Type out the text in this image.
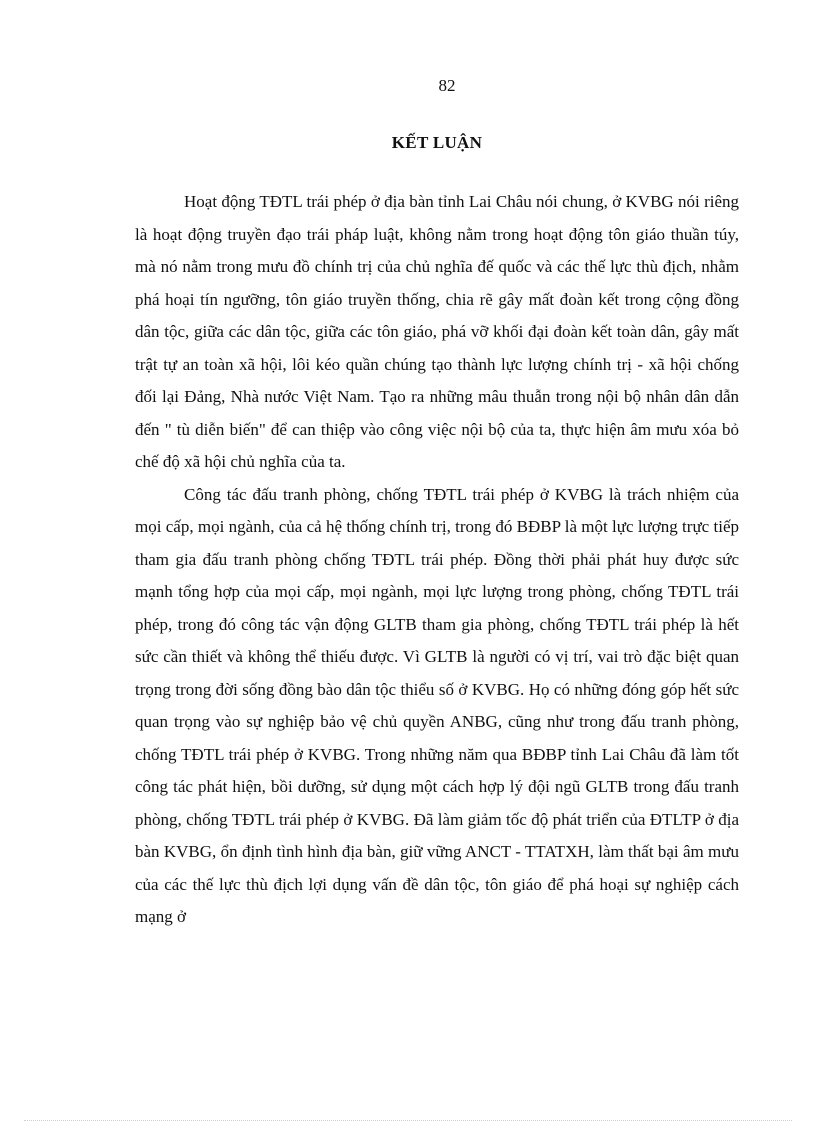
82
KẾT LUẬN

Hoạt động TĐTL trái phép ở địa bàn tỉnh Lai Châu nói chung, ở KVBG nói riêng là hoạt động truyền đạo trái pháp luật, không nằm trong hoạt động tôn giáo thuần túy, mà nó nằm trong mưu đồ chính trị của chủ nghĩa đế quốc và các thế lực thù địch, nhằm phá hoại tín ngưỡng, tôn giáo truyền thống, chia rẽ gây mất đoàn kết trong cộng đồng dân tộc, giữa các dân tộc, giữa các tôn giáo, phá vỡ khối đại đoàn kết toàn dân, gây mất trật tự an toàn xã hội, lôi kéo quần chúng tạo thành lực lượng chính trị - xã hội chống đối lại Đảng, Nhà nước Việt Nam. Tạo ra những mâu thuẫn trong nội bộ nhân dân dẫn đến " tù diễn biến" để can thiệp vào công việc nội bộ của ta, thực hiện âm mưu xóa bỏ chế độ xã hội chủ nghĩa của ta.

Công tác đấu tranh phòng, chống TĐTL trái phép ở KVBG là trách nhiệm của mọi cấp, mọi ngành, của cả hệ thống chính trị, trong đó BĐBP là một lực lượng trực tiếp tham gia đấu tranh phòng chống TĐTL trái phép. Đồng thời phải phát huy được sức mạnh tổng hợp của mọi cấp, mọi ngành, mọi lực lượng trong phòng, chống TĐTL trái phép, trong đó công tác vận động GLTB tham gia phòng, chống TĐTL trái phép là hết sức cần thiết và không thể thiếu được. Vì GLTB là người có vị trí, vai trò đặc biệt quan trọng trong đời sống đồng bào dân tộc thiểu số ở KVBG. Họ có những đóng góp hết sức quan trọng vào sự nghiệp bảo vệ chủ quyền ANBG, cũng như trong đấu tranh phòng, chống TĐTL trái phép ở KVBG. Trong những năm qua BĐBP tỉnh Lai Châu đã làm tốt công tác phát hiện, bồi dưỡng, sử dụng một cách hợp lý đội ngũ GLTB trong đấu tranh phòng, chống TĐTL trái phép ở KVBG. Đã làm giảm tốc độ phát triển của ĐTLTP ở địa bàn KVBG, ổn định tình hình địa bàn, giữ vững ANCT - TTATXH, làm thất bại âm mưu của các thế lực thù địch lợi dụng vấn đề dân tộc, tôn giáo để phá hoại sự nghiệp cách mạng ở
